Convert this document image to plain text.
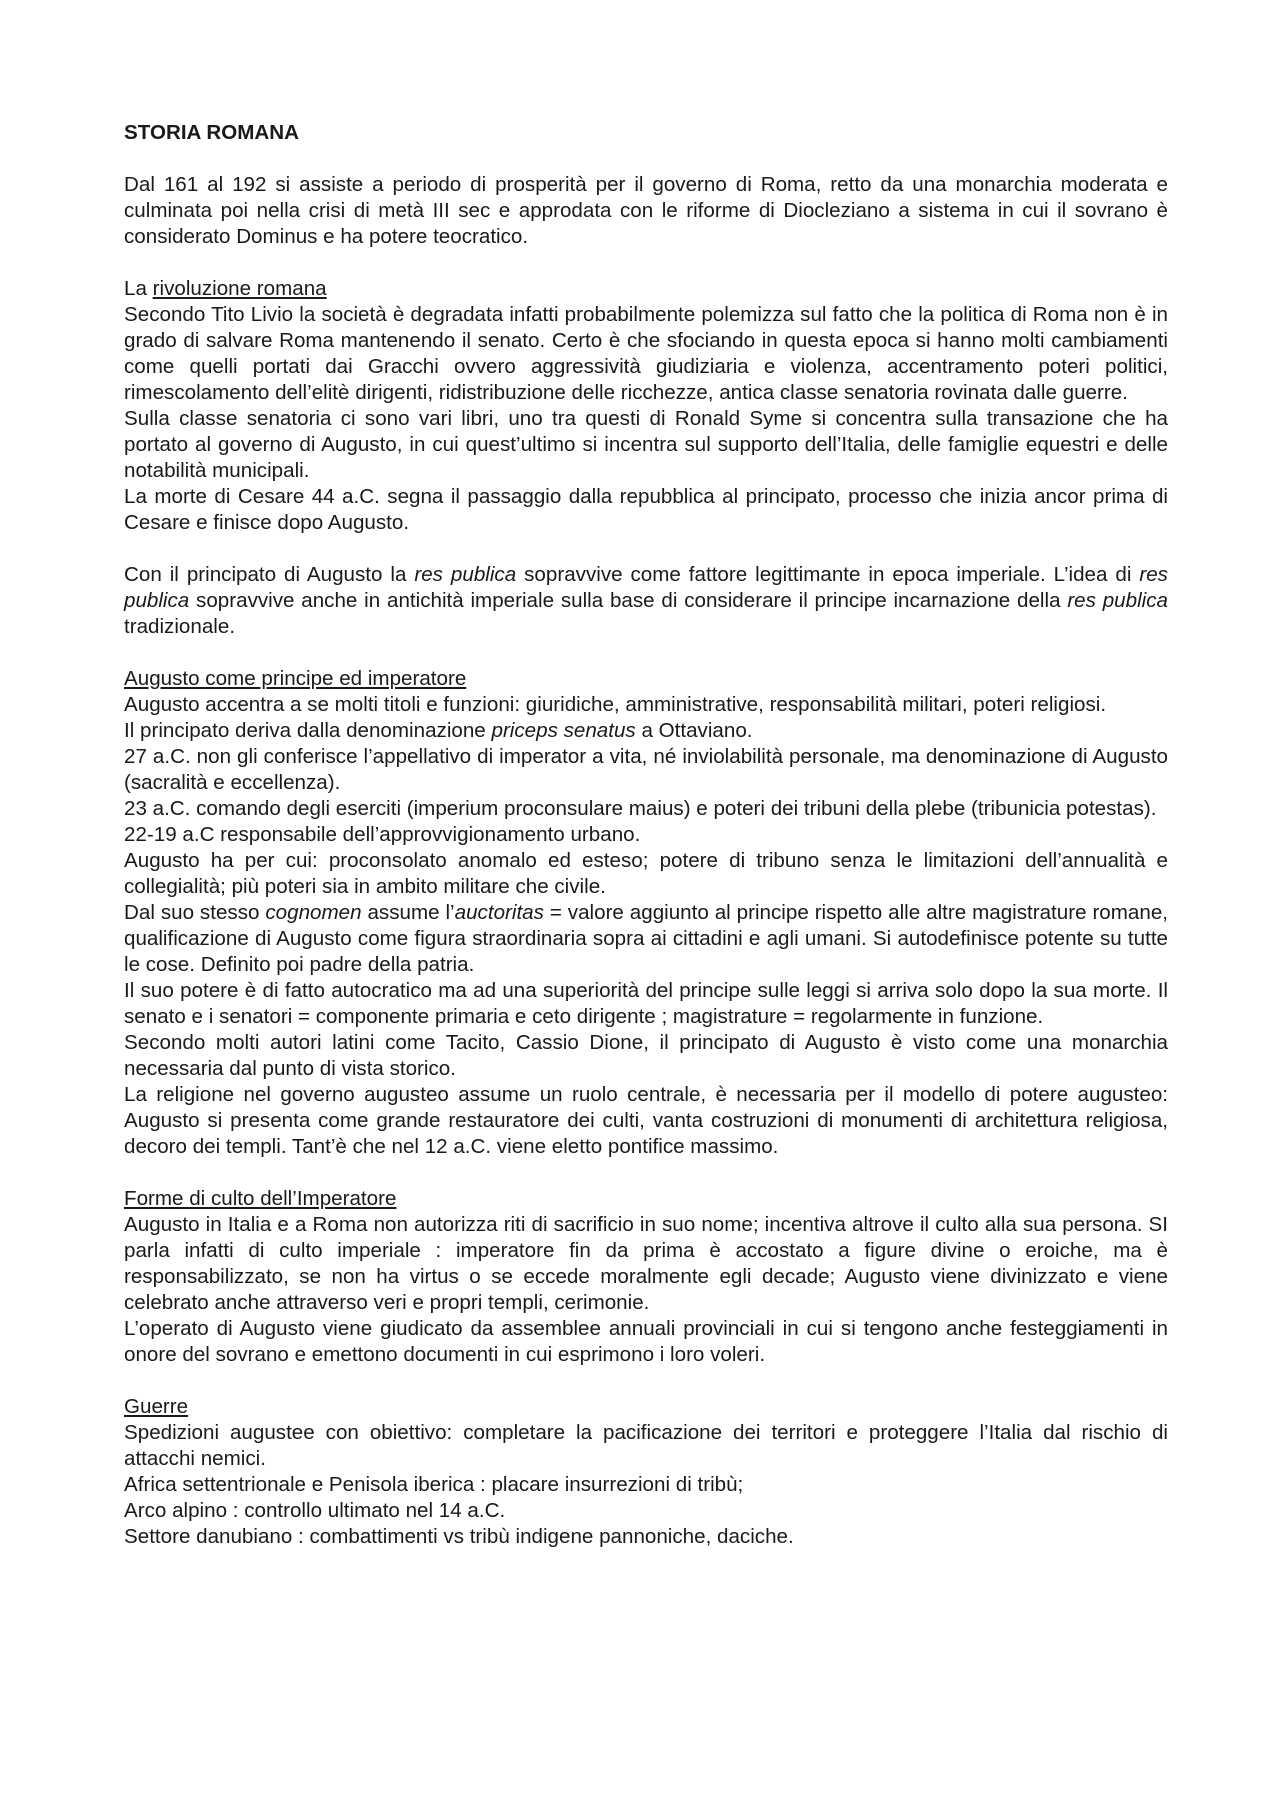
STORIA ROMANA

Dal 161 al 192 si assiste a periodo di prosperità per il governo di Roma, retto da una monarchia moderata e culminata poi nella crisi di metà III sec e approdata con le riforme di Diocleziano a sistema in cui il sovrano è considerato Dominus e ha potere teocratico.

La rivoluzione romana

Secondo Tito Livio la società è degradata infatti probabilmente polemizza sul fatto che la politica di Roma non è in grado di salvare Roma mantenendo il senato. Certo è che sfociando in questa epoca si hanno molti cambiamenti come quelli portati dai Gracchi ovvero aggressività giudiziaria e violenza, accentramento poteri politici, rimescolamento dell’elitè dirigenti, ridistribuzione delle ricchezze, antica classe senatoria rovinata dalle guerre.

Sulla classe senatoria ci sono vari libri, uno tra questi di Ronald Syme si concentra sulla transazione che ha portato al governo di Augusto, in cui quest’ultimo si incentra sul supporto dell’Italia, delle famiglie equestri e delle notabilità municipali.

La morte di Cesare 44 a.C. segna il passaggio dalla repubblica al principato, processo che inizia ancor prima di Cesare e finisce dopo Augusto.

Con il principato di Augusto la res publica sopravvive come fattore legittimante in epoca imperiale. L’idea di res publica sopravvive anche in antichità imperiale sulla base di considerare il principe incarnazione della res publica tradizionale.

Augusto come principe ed imperatore

Augusto accentra a se molti titoli e funzioni: giuridiche, amministrative, responsabilità militari, poteri religiosi.

Il principato deriva dalla denominazione priceps senatus a Ottaviano.

27 a.C. non gli conferisce l’appellativo di imperator a vita, né inviolabilità personale, ma denominazione di Augusto (sacralità e eccellenza).

23 a.C. comando degli eserciti (imperium proconsulare maius) e poteri dei tribuni della plebe (tribunicia potestas).

22-19 a.C responsabile dell’approvvigionamento urbano.

Augusto ha per cui: proconsolato anomalo ed esteso; potere di tribuno senza le limitazioni dell’annualità e collegialità; più poteri sia in ambito militare che civile.

Dal suo stesso cognomen assume l’auctoritas = valore aggiunto al principe rispetto alle altre magistrature romane, qualificazione di Augusto come figura straordinaria sopra ai cittadini e agli umani. Si autodefinisce potente su tutte le cose. Definito poi padre della patria.

Il suo potere è di fatto autocratico ma ad una superiorità del principe sulle leggi si arriva solo dopo la sua morte. Il senato e i senatori = componente primaria e ceto dirigente ; magistrature = regolarmente in funzione.

Secondo molti autori latini come Tacito, Cassio Dione, il principato di Augusto è visto come una monarchia necessaria dal punto di vista storico.

La religione nel governo augusteo assume un ruolo centrale, è necessaria per il modello di potere augusteo: Augusto si presenta come grande restauratore dei culti, vanta costruzioni di monumenti di architettura religiosa, decoro dei templi. Tant’è che nel 12 a.C. viene eletto pontifice massimo.

Forme di culto dell’Imperatore

Augusto in Italia e a Roma non autorizza riti di sacrificio in suo nome; incentiva altrove il culto alla sua persona. SI parla infatti di culto imperiale : imperatore fin da prima è accostato a figure divine o eroiche, ma è responsabilizzato, se non ha virtus o se eccede moralmente egli decade; Augusto viene divinizzato e viene celebrato anche attraverso veri e propri templi, cerimonie.

L’operato di Augusto viene giudicato da assemblee annuali provinciali in cui si tengono anche festeggiamenti in onore del sovrano e emettono documenti in cui esprimono i loro voleri.

Guerre

Spedizioni augustee con obiettivo: completare la pacificazione dei territori e proteggere l’Italia dal rischio di attacchi nemici.

Africa settentrionale e Penisola iberica : placare insurrezioni di tribù;

Arco alpino : controllo ultimato nel 14 a.C.

Settore danubiano : combattimenti vs tribù indigene pannoniche, daciche.
